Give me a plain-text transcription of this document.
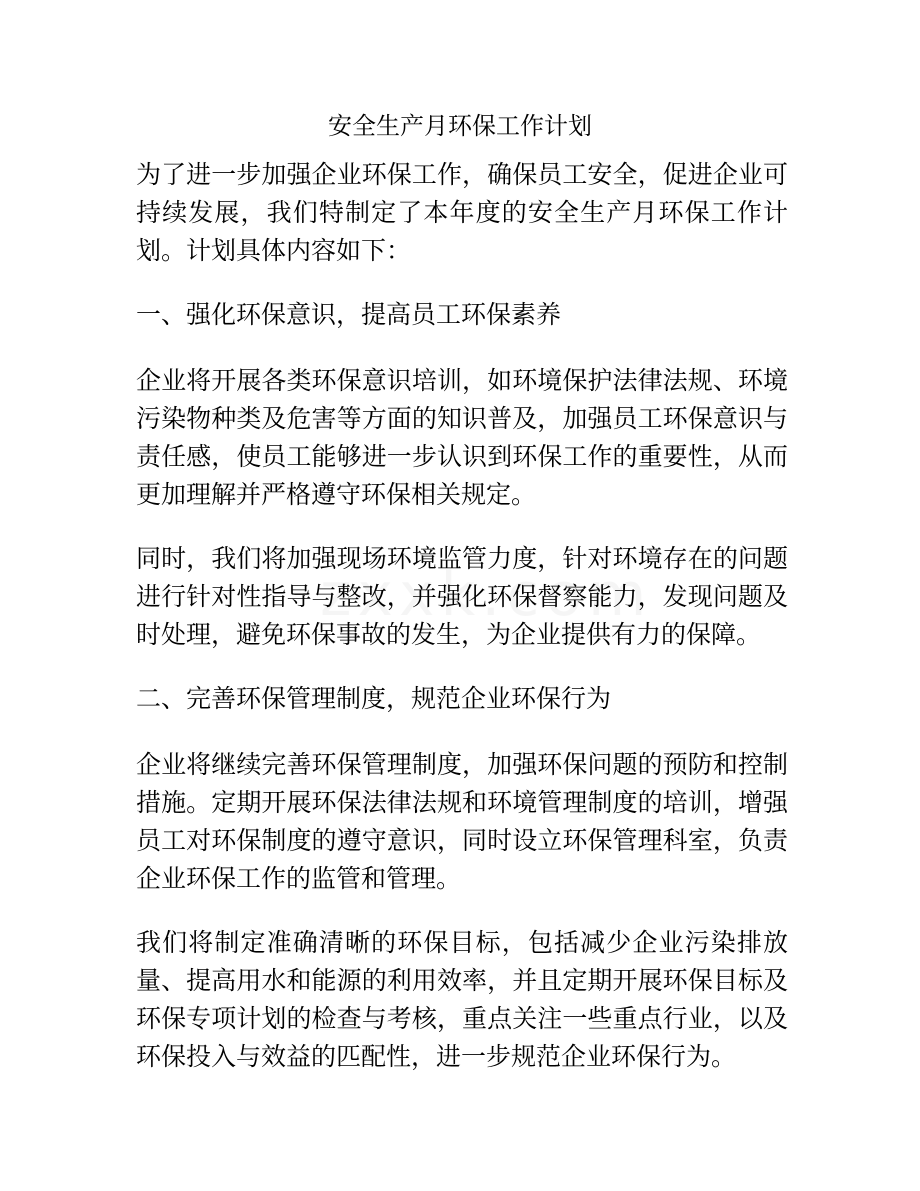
安全生产月环保工作计划

为了进一步加强企业环保工作，确保员工安全，促进企业可持续发展，我们特制定了本年度的安全生产月环保工作计划。计划具体内容如下：

一、强化环保意识，提高员工环保素养

企业将开展各类环保意识培训，如环境保护法律法规、环境污染物种类及危害等方面的知识普及，加强员工环保意识与责任感，使员工能够进一步认识到环保工作的重要性，从而更加理解并严格遵守环保相关规定。

同时，我们将加强现场环境监管力度，针对环境存在的问题进行针对性指导与整改，并强化环保督察能力，发现问题及时处理，避免环保事故的发生，为企业提供有力的保障。

二、完善环保管理制度，规范企业环保行为

企业将继续完善环保管理制度，加强环保问题的预防和控制措施。定期开展环保法律法规和环境管理制度的培训，增强员工对环保制度的遵守意识，同时设立环保管理科室，负责企业环保工作的监管和管理。

我们将制定准确清晰的环保目标，包括减少企业污染排放量、提高用水和能源的利用效率，并且定期开展环保目标及环保专项计划的检查与考核，重点关注一些重点行业，以及环保投入与效益的匹配性，进一步规范企业环保行为。
